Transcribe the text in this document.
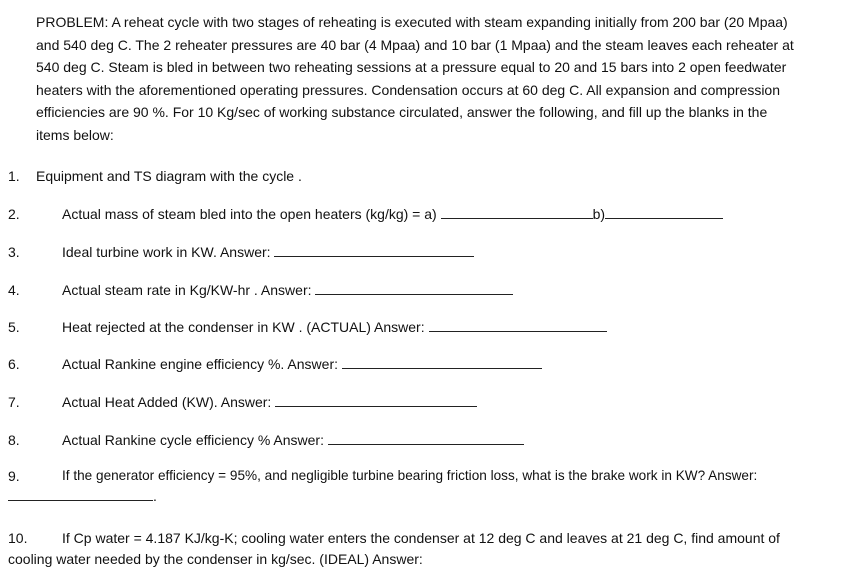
PROBLEM: A reheat cycle with two stages of reheating is executed with steam expanding initially from 200 bar (20 Mpaa)
and 540 deg C. The 2 reheater pressures are 40 bar (4 Mpaa) and 10 bar (1 Mpaa) and the steam leaves each reheater at
540 deg C. Steam is bled in between two reheating sessions at a pressure equal to 20 and 15 bars into 2 open feedwater
heaters with the aforementioned operating pressures. Condensation occurs at 60 deg C. All expansion and compression
efficiencies are 90 %. For 10 Kg/sec of working substance circulated, answer the following, and fill up the blanks in the
items below:
1. Equipment and TS diagram with the cycle .
2.	Actual mass of steam bled into the open heaters (kg/kg) = a)	b)
3.	Ideal turbine work in KW. Answer:
4.	Actual steam rate in Kg/KW-hr . Answer:
5.	Heat rejected at the condenser in KW . (ACTUAL) Answer:
6.	Actual Rankine engine efficiency %. Answer:
7.	Actual Heat Added (KW). Answer:
8.	Actual Rankine cycle efficiency % Answer:
9.	If the generator efficiency = 95%, and negligible turbine bearing friction loss, what is the brake work in KW? Answer:
.
10. If Cp water = 4.187 KJ/kg-K; cooling water enters the condenser at 12 deg C and leaves at 21 deg C, find amount of
cooling water needed by the condenser in kg/sec. (IDEAL) Answer:
